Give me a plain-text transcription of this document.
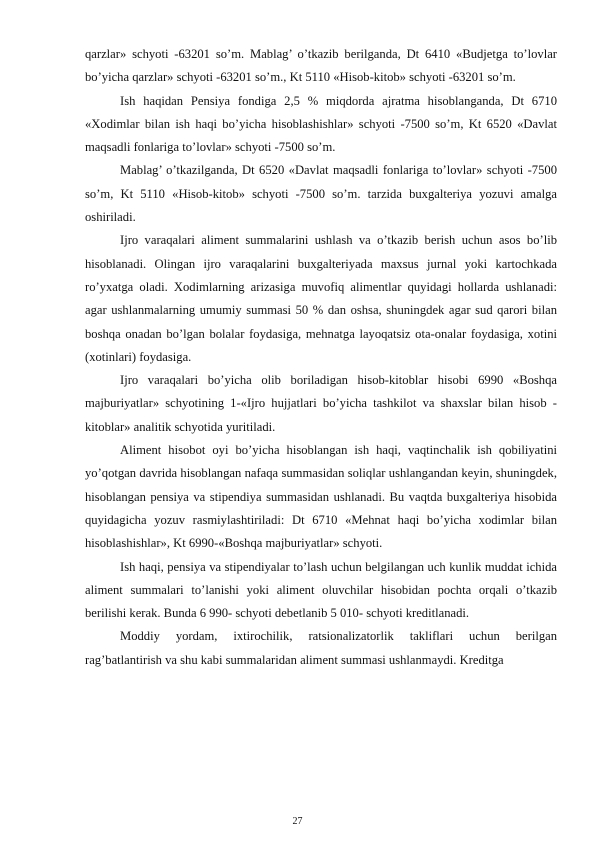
qarzlar» schyoti -63201 so’m. Mablag’ o’tkazib berilganda, Dt 6410 «Budjetga to’lovlar bo’yicha qarzlar» schyoti -63201 so’m., Kt 5110 «Hisob-kitob» schyoti -63201 so’m.

Ish haqidan Pensiya fondiga 2,5 % miqdorda ajratma hisoblanganda, Dt 6710 «Xodimlar bilan ish haqi bo’yicha hisoblashishlar» schyoti -7500 so’m, Kt 6520 «Davlat maqsadli fonlariga to’lovlar» schyoti -7500 so’m.

Mablag’ o’tkazilganda, Dt 6520 «Davlat maqsadli fonlariga to’lovlar» schyoti -7500 so’m, Kt 5110 «Hisob-kitob» schyoti -7500 so’m. tarzida buxgalteriya yozuvi amalga oshiriladi.

Ijro varaqalari aliment summalarini ushlash va o’tkazib berish uchun asos bo’lib hisoblanadi. Olingan ijro varaqalarini buxgalteriyada maxsus jurnal yoki kartochkada ro’yxatga oladi. Xodimlarning arizasiga muvofiq alimentlar quyidagi hollarda ushlanadi: agar ushlanmalarning umumiy summasi 50 % dan oshsa, shuningdek agar sud qarori bilan boshqa onadan bo’lgan bolalar foydasiga, mehnatga layoqatsiz ota-onalar foydasiga, xotini (xotinlari) foydasiga.

Ijro varaqalari bo’yicha olib boriladigan hisob-kitoblar hisobi 6990 «Boshqa majburiyatlar» schyotining 1-«Ijro hujjatlari bo’yicha tashkilot va shaxslar bilan hisob - kitoblar» analitik schyotida yuritiladi.

Aliment hisobot oyi bo’yicha hisoblangan ish haqi, vaqtinchalik ish qobiliyatini yo’qotgan davrida hisoblangan nafaqa summasidan soliqlar ushlangandan keyin, shuningdek, hisoblangan pensiya va stipendiya summasidan ushlanadi. Bu vaqtda buxgalteriya hisobida quyidagicha yozuv rasmiylashtiriladi: Dt 6710 «Mehnat haqi bo’yicha xodimlar bilan hisoblashishlar», Kt 6990-«Boshqa majburiyatlar» schyoti.

Ish haqi, pensiya va stipendiyalar to’lash uchun belgilangan uch kunlik muddat ichida aliment summalari to’lanishi yoki aliment oluvchilar hisobidan pochta orqali o’tkazib berilishi kerak. Bunda 6 990- schyoti debetlanib 5 010- schyoti kreditlanadi.

Moddiy yordam, ixtirochilik, ratsionalizatorlik takliflari uchun berilgan rag’batlantirish va shu kabi summalaridan aliment summasi ushlanmaydi. Kreditga

27
